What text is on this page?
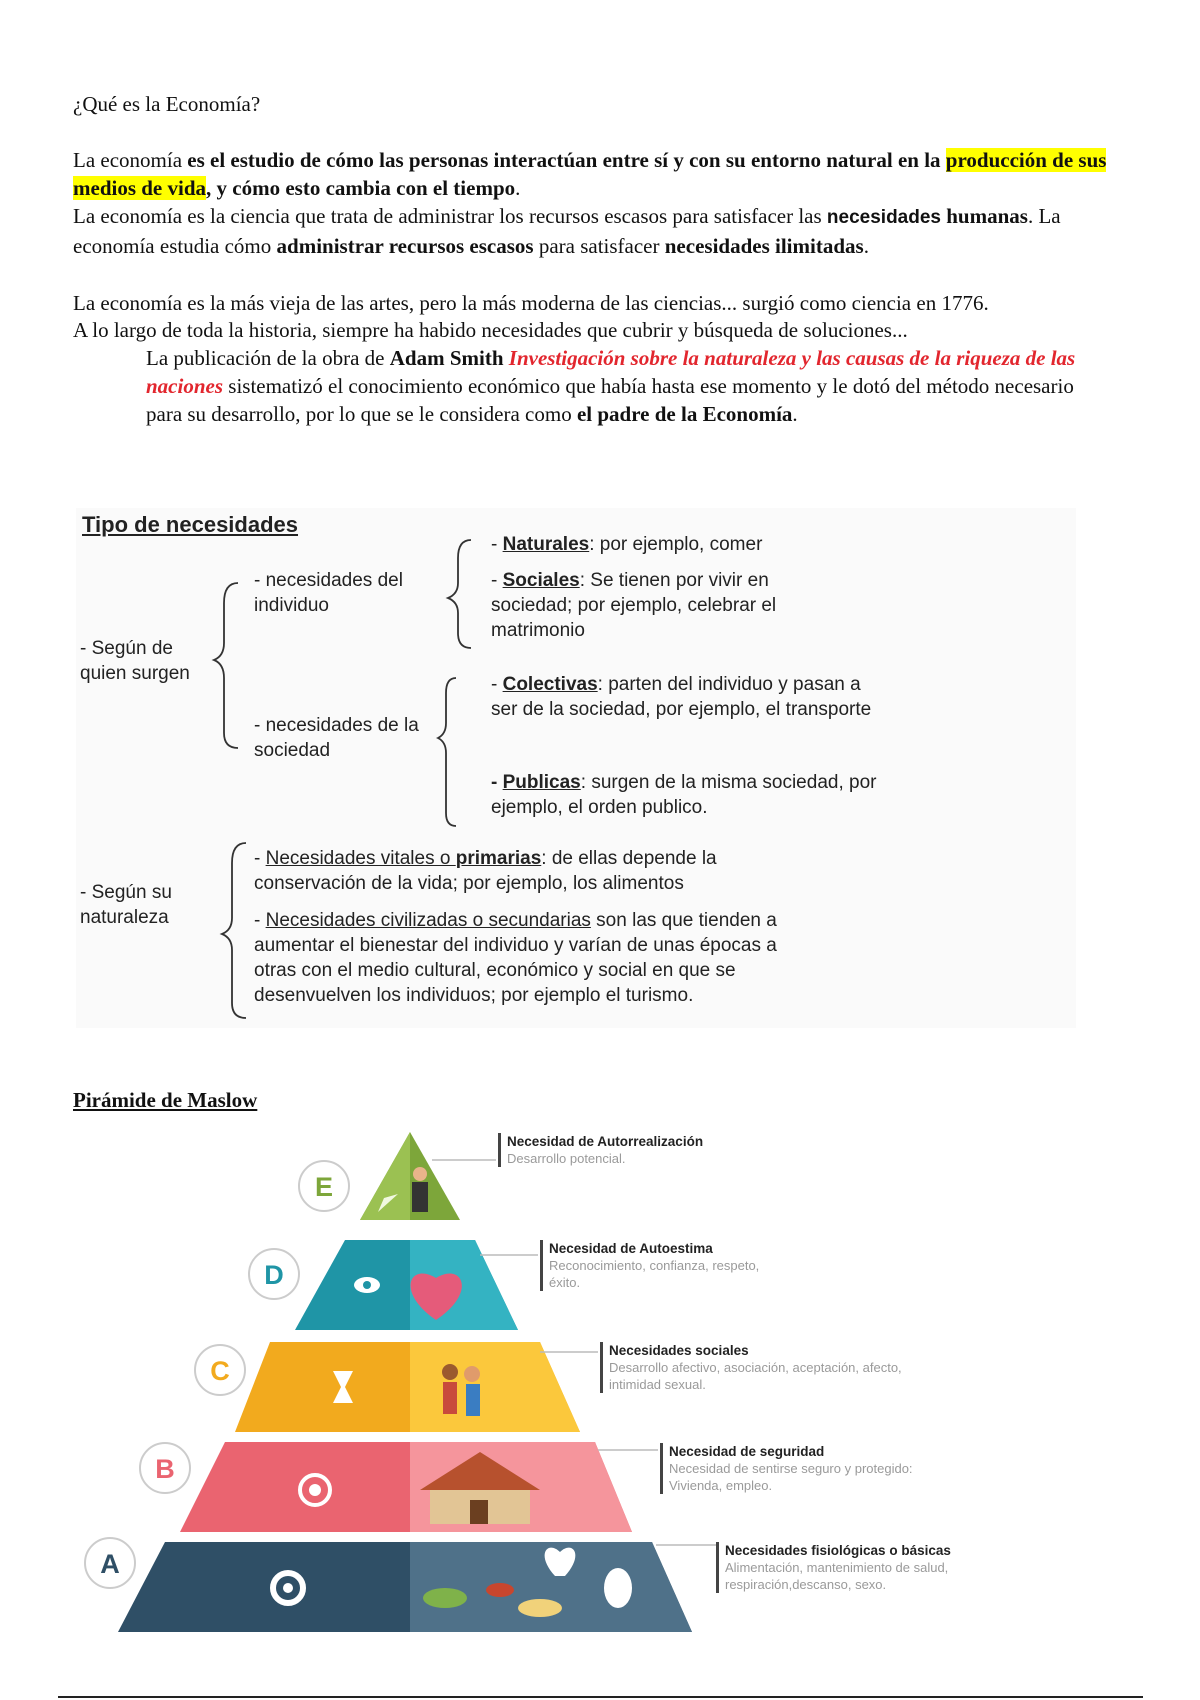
¿Qué es la Economía?

La economía es el estudio de cómo las personas interactúan entre sí y con su entorno natural en la producción de sus medios de vida, y cómo esto cambia con el tiempo.

La economía es la ciencia que trata de administrar los recursos escasos para satisfacer las necesidades humanas. La economía estudia cómo administrar recursos escasos para satisfacer necesidades ilimitadas.

La economía es la más vieja de las artes, pero la más moderna de las ciencias... surgió como ciencia en 1776.

A lo largo de toda la historia, siempre ha habido necesidades que cubrir y búsqueda de soluciones...

La publicación de la obra de Adam Smith Investigación sobre la naturaleza y las causas de la riqueza de las naciones sistematizó el conocimiento económico que había hasta ese momento y le dotó del método necesario para su desarrollo, por lo que se le considera como el padre de la Economía.

Tipo de necesidades
- Según de quien surgen
- necesidades del individuo
- necesidades de la sociedad
- Naturales: por ejemplo, comer
- Sociales: Se tienen por vivir en sociedad; por ejemplo, celebrar el matrimonio
- Colectivas: parten del individuo y pasan a ser de la sociedad, por ejemplo, el transporte
- Publicas: surgen de la misma sociedad, por ejemplo, el orden publico.
- Según su naturaleza
- Necesidades vitales o primarias: de ellas depende la conservación de la vida; por ejemplo, los alimentos
- Necesidades civilizadas o secundarias son las que tienden a aumentar el bienestar del individuo y varían de unas épocas a otras con el medio cultural, económico y social en que se desenvuelven los individuos; por ejemplo el turismo.

Pirámide de Maslow

E
D
C
B
A
Necesidad de Autorrealización
Desarrollo potencial.
Necesidad de Autoestima
Reconocimiento, confianza, respeto, éxito.
Necesidades sociales
Desarrollo afectivo, asociación, aceptación, afecto, intimidad sexual.
Necesidad de seguridad
Necesidad de sentirse seguro y protegido: Vivienda, empleo.
Necesidades fisiológicas o básicas
Alimentación, mantenimiento de salud, respiración,descanso, sexo.
